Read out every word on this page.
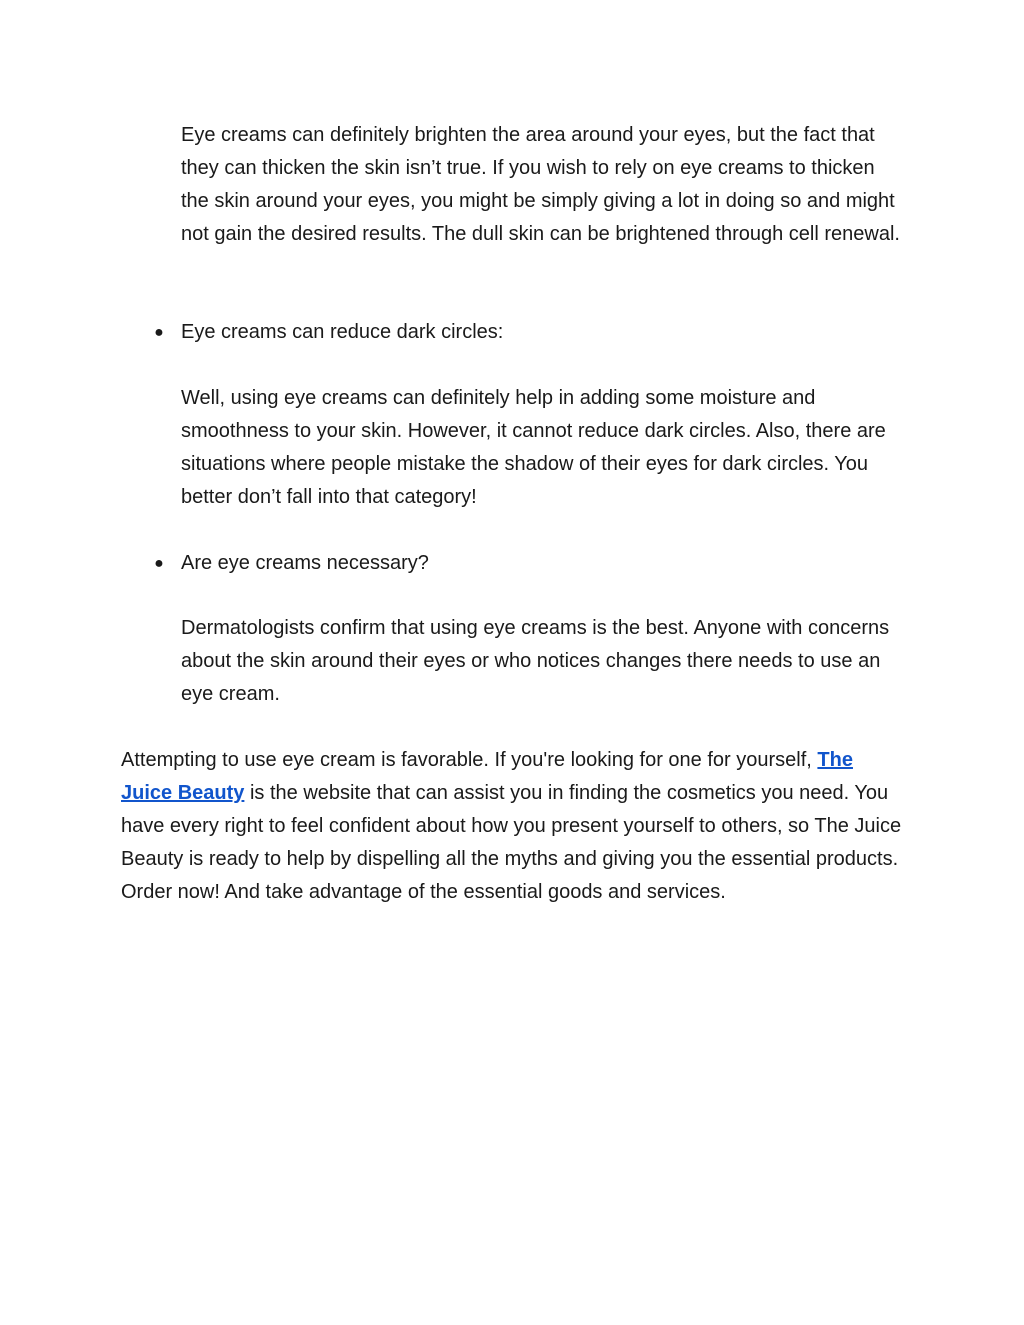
Eye creams can definitely brighten the area around your eyes, but the fact that they can thicken the skin isn’t true. If you wish to rely on eye creams to thicken the skin around your eyes, you might be simply giving a lot in doing so and might not gain the desired results. The dull skin can be brightened through cell renewal.

● Eye creams can reduce dark circles:

Well, using eye creams can definitely help in adding some moisture and smoothness to your skin. However, it cannot reduce dark circles. Also, there are situations where people mistake the shadow of their eyes for dark circles. You better don’t fall into that category!

● Are eye creams necessary?

Dermatologists confirm that using eye creams is the best. Anyone with concerns about the skin around their eyes or who notices changes there needs to use an eye cream.

Attempting to use eye cream is favorable. If you're looking for one for yourself, The Juice Beauty is the website that can assist you in finding the cosmetics you need. You have every right to feel confident about how you present yourself to others, so The Juice Beauty is ready to help by dispelling all the myths and giving you the essential products. Order now! And take advantage of the essential goods and services.
